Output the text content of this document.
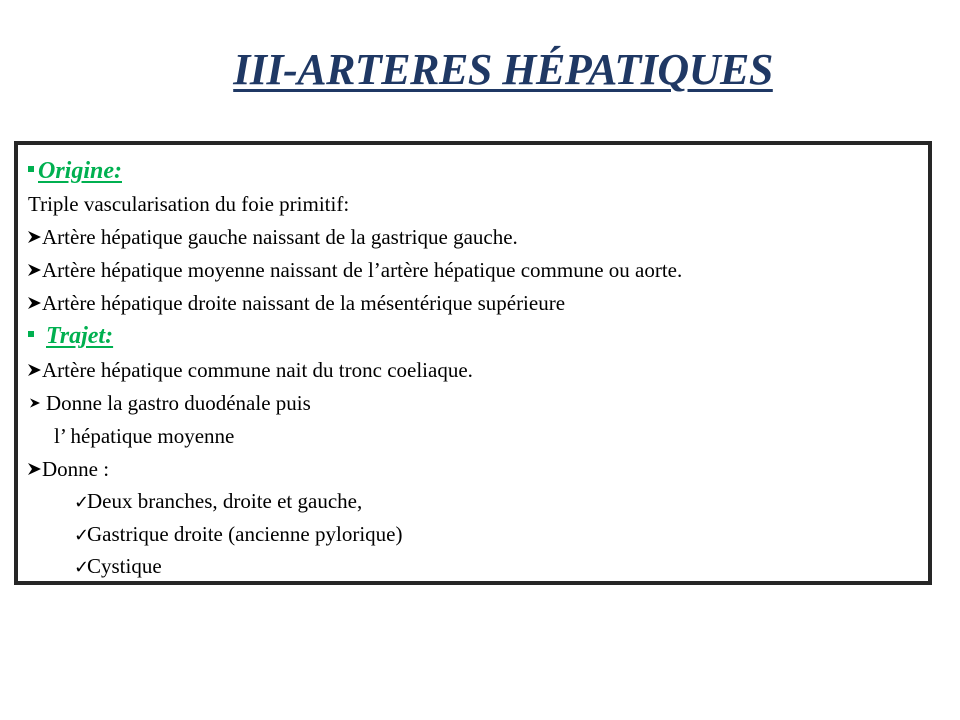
III-ARTERES HÉPATIQUES
Origine:
Triple vascularisation du foie primitif:
Artère hépatique gauche naissant de la gastrique gauche.
Artère hépatique moyenne naissant de l’artère hépatique commune ou aorte.
Artère hépatique droite naissant de la mésentérique supérieure
Trajet:
Artère hépatique commune nait du tronc coeliaque.
Donne la gastro duodénale puis
l’ hépatique moyenne
Donne :
✓Deux branches, droite et gauche,
✓Gastrique droite (ancienne pylorique)
✓Cystique
